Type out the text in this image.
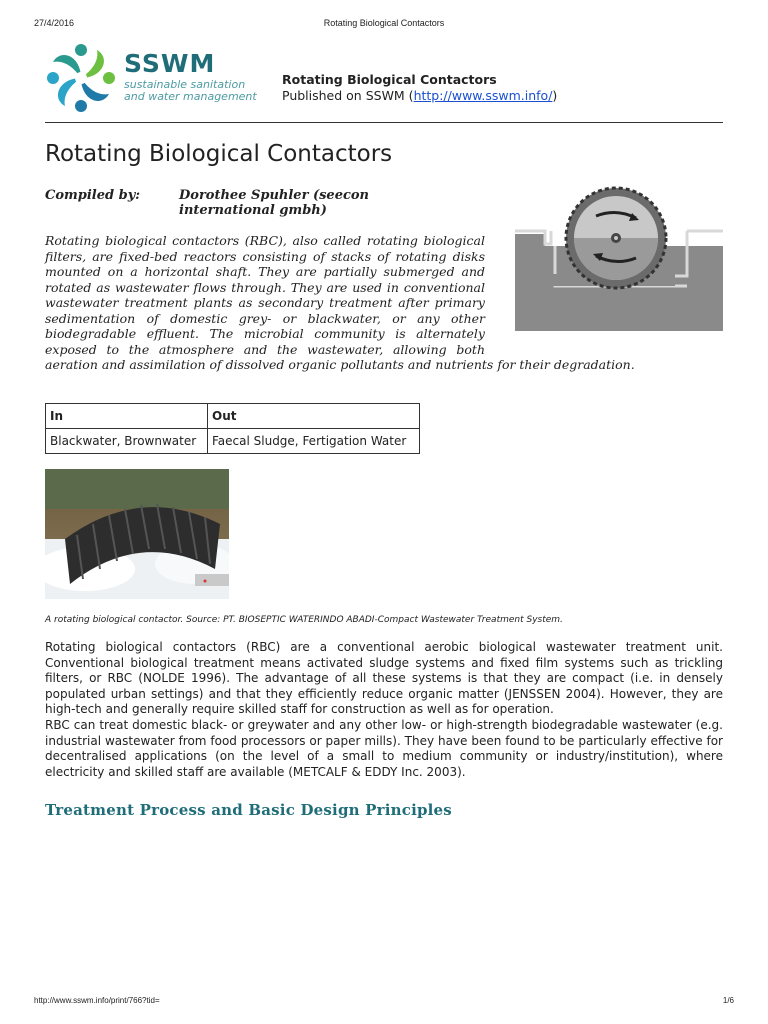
27/4/2016	Rotating Biological Contactors
SSWM
sustainable sanitation
and water management
Rotating Biological Contactors
Published on SSWM (http://www.sswm.info/)
Rotating Biological Contactors
Compiled by:	Dorothee Spuhler (seecon international gmbh)
Rotating biological contactors (RBC), also called rotating biological filters, are fixed-bed reactors consisting of stacks of rotating disks mounted on a horizontal shaft. They are partially submerged and rotated as wastewater flows through. They are used in conventional wastewater treatment plants as secondary treatment after primary sedimentation of domestic grey- or blackwater, or any other biodegradable effluent. The microbial community is alternately exposed to the atmosphere and the wastewater, allowing both aeration and assimilation of dissolved organic pollutants and nutrients for their degradation.
In	Out
Blackwater, Brownwater	Faecal Sludge, Fertigation Water
A rotating biological contactor. Source: PT. BIOSEPTIC WATERINDO ABADI-Compact Wastewater Treatment System.
Rotating biological contactors (RBC) are a conventional aerobic biological wastewater treatment unit. Conventional biological treatment means activated sludge systems and fixed film systems such as trickling filters, or RBC (NOLDE 1996). The advantage of all these systems is that they are compact (i.e. in densely populated urban settings) and that they efficiently reduce organic matter (JENSSEN 2004). However, they are high-tech and generally require skilled staff for construction as well as for operation.
RBC can treat domestic black- or greywater and any other low- or high-strength biodegradable wastewater (e.g. industrial wastewater from food processors or paper mills). They have been found to be particularly effective for decentralised applications (on the level of a small to medium community or industry/institution), where electricity and skilled staff are available (METCALF & EDDY Inc. 2003).
Treatment Process and Basic Design Principles
http://www.sswm.info/print/766?tid=	1/6
